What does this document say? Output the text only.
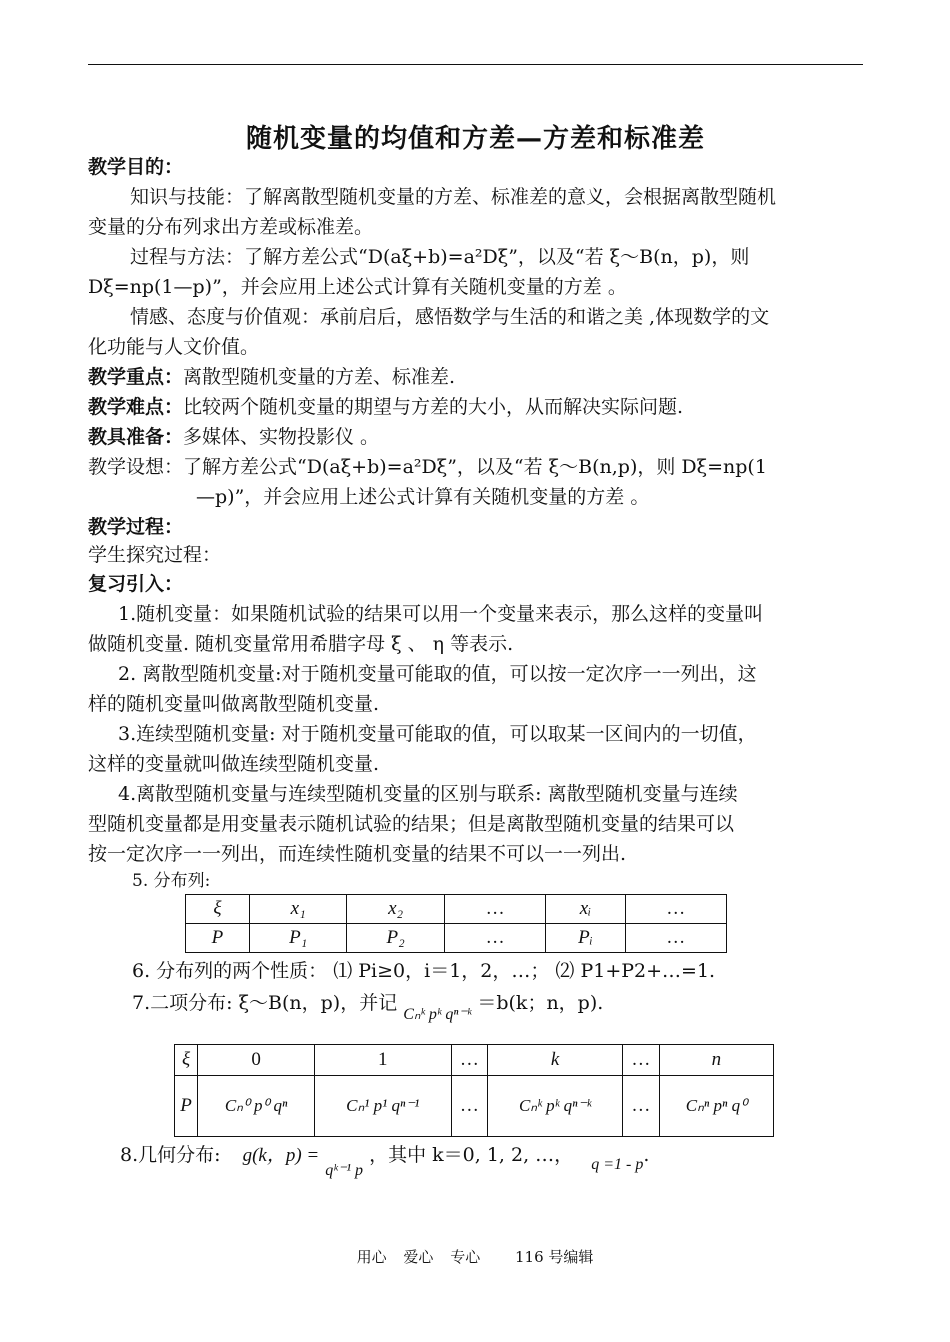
随机变量的均值和方差—方差和标准差
教学目的：
知识与技能：了解离散型随机变量的方差、标准差的意义，会根据离散型随机
变量的分布列求出方差或标准差。
过程与方法：了解方差公式“D(aξ+b)=a²Dξ”，以及“若 ξ～B(n，p)，则
Dξ=np(1—p)”，并会应用上述公式计算有关随机变量的方差 。
情感、态度与价值观：承前启后，感悟数学与生活的和谐之美 ,体现数学的文
化功能与人文价值。
教学重点：离散型随机变量的方差、标准差.
教学难点：比较两个随机变量的期望与方差的大小，从而解决实际问题.
教具准备：多媒体、实物投影仪 。
教学设想：了解方差公式“D(aξ+b)=a²Dξ”，以及“若 ξ～B(n,p)，则 Dξ=np(1
—p)”，并会应用上述公式计算有关随机变量的方差 。
教学过程：
学生探究过程：
复习引入：
1.随机变量：如果随机试验的结果可以用一个变量来表示，那么这样的变量叫
做随机变量. 随机变量常用希腊字母 ξ 、 η 等表示.
2. 离散型随机变量:对于随机变量可能取的值，可以按一定次序一一列出，这
样的随机变量叫做离散型随机变量.
3.连续型随机变量: 对于随机变量可能取的值，可以取某一区间内的一切值，
这样的变量就叫做连续型随机变量.
4.离散型随机变量与连续型随机变量的区别与联系: 离散型随机变量与连续
型随机变量都是用变量表示随机试验的结果；但是离散型随机变量的结果可以
按一定次序一一列出，而连续性随机变量的结果不可以一一列出.
5. 分布列:
ξ	x₁	x₂	…	xᵢ	…
P	P₁	P₂	…	Pᵢ	…
6. 分布列的两个性质： ⑴ Pi≥0，i＝1，2，…； ⑵ P1+P2+…=1.
7.二项分布: ξ～B(n，p)，并记 $_{C_nᵏ pᵏ q^{n-}ᵏ}$ ＝b(k；n，p).
ξ	0	1	…	k	…	n
P	Cₙ⁰ p⁰ qⁿ	Cₙ¹ p¹ qⁿ⁻¹	…	Cₙᵏ pᵏ qⁿ⁻ᵏ	…	Cₙⁿ pⁿ q⁰
8.几何分布: g(k，p) = $_{qᵏ^{-1} p}$ ，其中 k＝0, 1, 2, …， $_{q =1 - p}$.
用心 爱心 专心 116 号编辑
